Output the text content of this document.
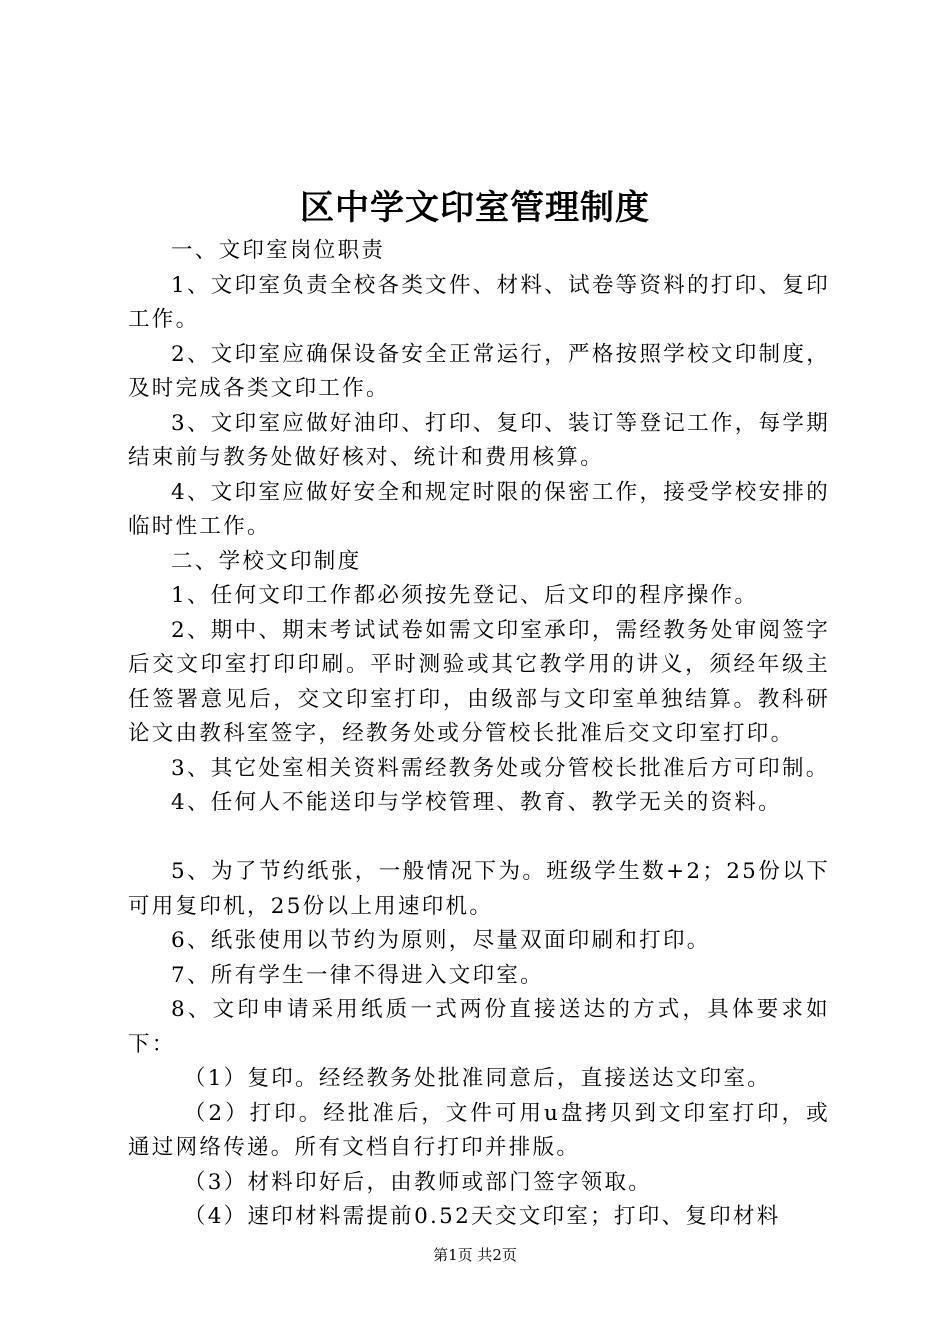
区中学文印室管理制度

一、文印室岗位职责

1、文印室负责全校各类文件、材料、试卷等资料的打印、复印工作。

2、文印室应确保设备安全正常运行，严格按照学校文印制度，及时完成各类文印工作。

3、文印室应做好油印、打印、复印、装订等登记工作，每学期结束前与教务处做好核对、统计和费用核算。

4、文印室应做好安全和规定时限的保密工作，接受学校安排的临时性工作。

二、学校文印制度

1、任何文印工作都必须按先登记、后文印的程序操作。

2、期中、期末考试试卷如需文印室承印，需经教务处审阅签字后交文印室打印印刷。平时测验或其它教学用的讲义，须经年级主任签署意见后，交文印室打印，由级部与文印室单独结算。教科研论文由教科室签字，经教务处或分管校长批准后交文印室打印。

3、其它处室相关资料需经教务处或分管校长批准后方可印制。

4、任何人不能送印与学校管理、教育、教学无关的资料。

5、为了节约纸张，一般情况下为。班级学生数+2；25份以下可用复印机，25份以上用速印机。

6、纸张使用以节约为原则，尽量双面印刷和打印。

7、所有学生一律不得进入文印室。

8、文印申请采用纸质一式两份直接送达的方式，具体要求如下：

（1）复印。经经教务处批准同意后，直接送达文印室。

（2）打印。经批准后，文件可用u盘拷贝到文印室打印，或通过网络传递。所有文档自行打印并排版。

（3）材料印好后，由教师或部门签字领取。

（4）速印材料需提前0.52天交文印室；打印、复印材料

第1页 共2页
